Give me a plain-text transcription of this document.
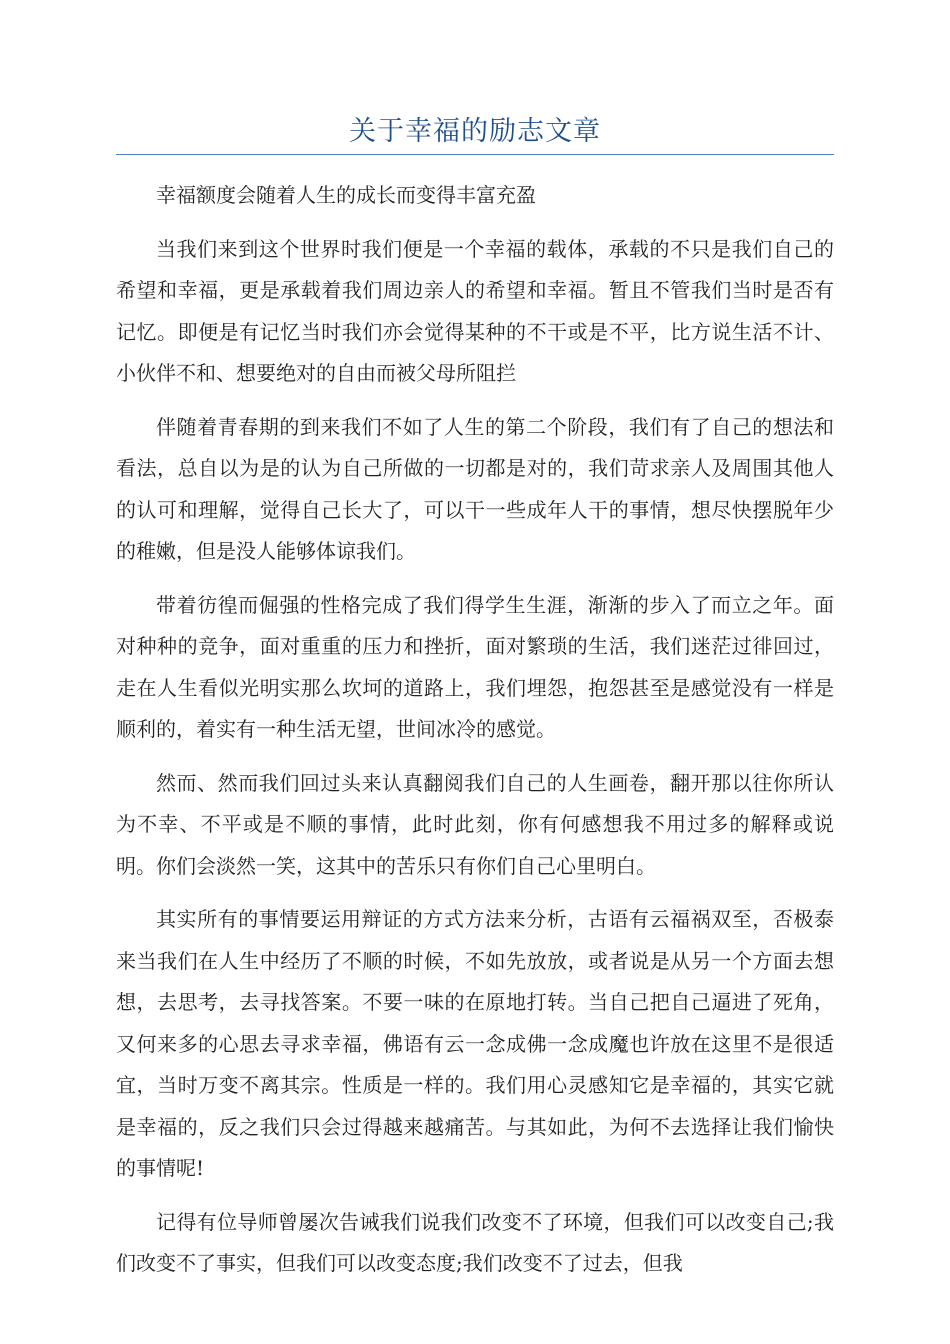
关于幸福的励志文章

幸福额度会随着人生的成长而变得丰富充盈

当我们来到这个世界时我们便是一个幸福的载体，承载的不只是我们自己的希望和幸福，更是承载着我们周边亲人的希望和幸福。暂且不管我们当时是否有记忆。即便是有记忆当时我们亦会觉得某种的不干或是不平，比方说生活不计、小伙伴不和、想要绝对的自由而被父母所阻拦

伴随着青春期的到来我们不如了人生的第二个阶段，我们有了自己的想法和看法，总自以为是的认为自己所做的一切都是对的，我们苛求亲人及周围其他人的认可和理解，觉得自己长大了，可以干一些成年人干的事情，想尽快摆脱年少的稚嫩，但是没人能够体谅我们。

带着彷徨而倔强的性格完成了我们得学生生涯，渐渐的步入了而立之年。面对种种的竞争，面对重重的压力和挫折，面对繁琐的生活，我们迷茫过徘回过，走在人生看似光明实那么坎坷的道路上，我们埋怨，抱怨甚至是感觉没有一样是顺利的，着实有一种生活无望，世间冰冷的感觉。

然而、然而我们回过头来认真翻阅我们自己的人生画卷，翻开那以往你所认为不幸、不平或是不顺的事情，此时此刻，你有何感想我不用过多的解释或说明。你们会淡然一笑，这其中的苦乐只有你们自己心里明白。

其实所有的事情要运用辩证的方式方法来分析，古语有云福祸双至，否极泰来当我们在人生中经历了不顺的时候，不如先放放，或者说是从另一个方面去想想，去思考，去寻找答案。不要一味的在原地打转。当自己把自己逼进了死角，又何来多的心思去寻求幸福，佛语有云一念成佛一念成魔也许放在这里不是很适宜，当时万变不离其宗。性质是一样的。我们用心灵感知它是幸福的，其实它就是幸福的，反之我们只会过得越来越痛苦。与其如此，为何不去选择让我们愉快的事情呢!

记得有位导师曾屡次告诫我们说我们改变不了环境，但我们可以改变自己;我们改变不了事实，但我们可以改变态度;我们改变不了过去，但我
